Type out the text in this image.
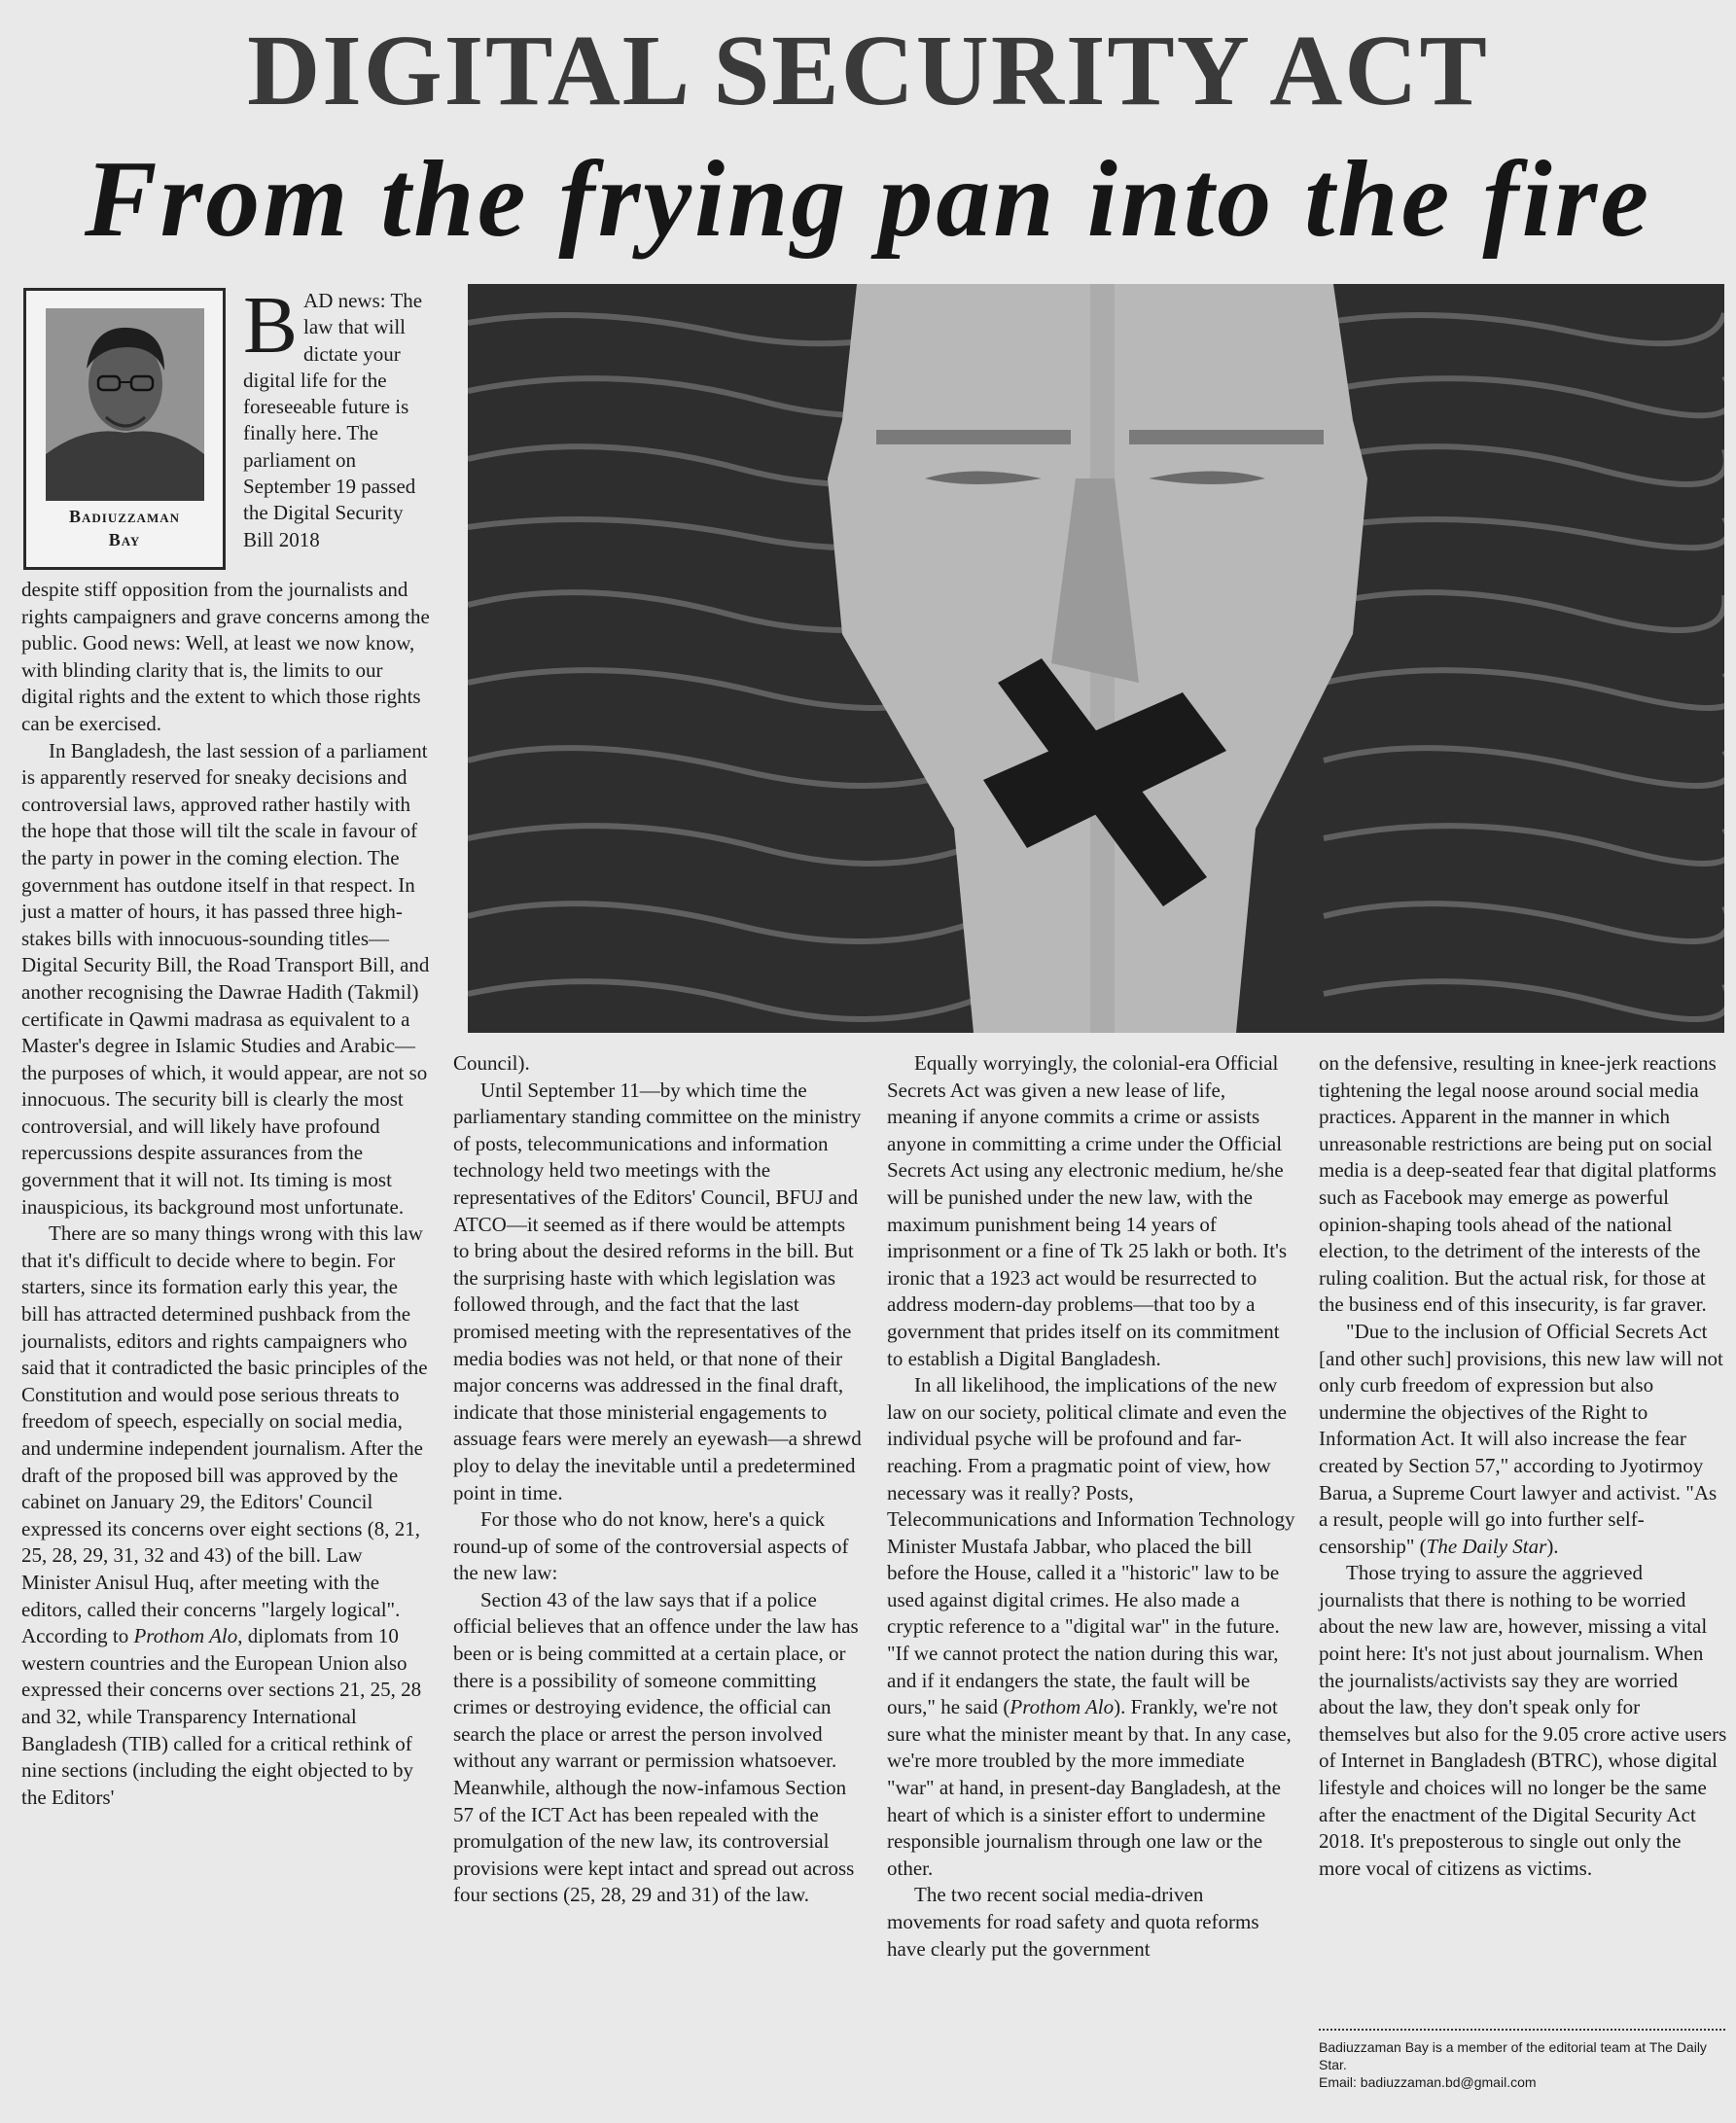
DIGITAL SECURITY ACT
From the frying pan into the fire
Badiuzzaman
Bay
BAD news: The law that will dictate your digital life for the foreseeable future is finally here. The parliament on September 19 passed the Digital Security Bill 2018

despite stiff opposition from the journalists and rights campaigners and grave concerns among the public. Good news: Well, at least we now know, with blinding clarity that is, the limits to our digital rights and the extent to which those rights can be exercised.

In Bangladesh, the last session of a parliament is apparently reserved for sneaky decisions and controversial laws, approved rather hastily with the hope that those will tilt the scale in favour of the party in power in the coming election. The government has outdone itself in that respect. In just a matter of hours, it has passed three high-stakes bills with innocuous-sounding titles—Digital Security Bill, the Road Transport Bill, and another recognising the Dawrae Hadith (Takmil) certificate in Qawmi madrasa as equivalent to a Master's degree in Islamic Studies and Arabic—the purposes of which, it would appear, are not so innocuous. The security bill is clearly the most controversial, and will likely have profound repercussions despite assurances from the government that it will not. Its timing is most inauspicious, its background most unfortunate.

There are so many things wrong with this law that it's difficult to decide where to begin. For starters, since its formation early this year, the bill has attracted determined pushback from the journalists, editors and rights campaigners who said that it contradicted the basic principles of the Constitution and would pose serious threats to freedom of speech, especially on social media, and undermine independent journalism. After the draft of the proposed bill was approved by the cabinet on January 29, the Editors' Council expressed its concerns over eight sections (8, 21, 25, 28, 29, 31, 32 and 43) of the bill. Law Minister Anisul Huq, after meeting with the editors, called their concerns "largely logical".

According to Prothom Alo, diplomats from 10 western countries and the European Union also expressed their concerns over sections 21, 25, 28 and 32, while Transparency International Bangladesh (TIB) called for a critical rethink of nine sections (including the eight objected to by the Editors'

Council).

Until September 11—by which time the parliamentary standing committee on the ministry of posts, telecommunications and information technology held two meetings with the representatives of the Editors' Council, BFUJ and ATCO—it seemed as if there would be attempts to bring about the desired reforms in the bill. But the surprising haste with which legislation was followed through, and the fact that the last promised meeting with the representatives of the media bodies was not held, or that none of their major concerns was addressed in the final draft, indicate that those ministerial engagements to assuage fears were merely an eyewash—a shrewd ploy to delay the inevitable until a predetermined point in time.

For those who do not know, here's a quick round-up of some of the controversial aspects of the new law:

Section 43 of the law says that if a police official believes that an offence under the law has been or is being committed at a certain place, or there is a possibility of someone committing crimes or destroying evidence, the official can search the place or arrest the person involved without any warrant or permission whatsoever. Meanwhile, although the now-infamous Section 57 of the ICT Act has been repealed with the promulgation of the new law, its controversial provisions were kept intact and spread out across four sections (25, 28, 29 and 31) of the law.

Equally worryingly, the colonial-era Official Secrets Act was given a new lease of life, meaning if anyone commits a crime or assists anyone in committing a crime under the Official Secrets Act using any electronic medium, he/she will be punished under the new law, with the maximum punishment being 14 years of imprisonment or a fine of Tk 25 lakh or both. It's ironic that a 1923 act would be resurrected to address modern-day problems—that too by a government that prides itself on its commitment to establish a Digital Bangladesh.

In all likelihood, the implications of the new law on our society, political climate and even the individual psyche will be profound and far-reaching. From a pragmatic point of view, how necessary was it really? Posts, Telecommunications and Information Technology Minister Mustafa Jabbar, who placed the bill before the House, called it a "historic" law to be used against digital crimes. He also made a cryptic reference to a "digital war" in the future. "If we cannot protect the nation during this war, and if it endangers the state, the fault will be ours," he said (Prothom Alo). Frankly, we're not sure what the minister meant by that. In any case, we're more troubled by the more immediate "war" at hand, in present-day Bangladesh, at the heart of which is a sinister effort to undermine responsible journalism through one law or the other.

The two recent social media-driven movements for road safety and quota reforms have clearly put the government

on the defensive, resulting in knee-jerk reactions tightening the legal noose around social media practices. Apparent in the manner in which unreasonable restrictions are being put on social media is a deep-seated fear that digital platforms such as Facebook may emerge as powerful opinion-shaping tools ahead of the national election, to the detriment of the interests of the ruling coalition. But the actual risk, for those at the business end of this insecurity, is far graver.

"Due to the inclusion of Official Secrets Act [and other such] provisions, this new law will not only curb freedom of expression but also undermine the objectives of the Right to Information Act. It will also increase the fear created by Section 57," according to Jyotirmoy Barua, a Supreme Court lawyer and activist. "As a result, people will go into further self-censorship" (The Daily Star).

Those trying to assure the aggrieved journalists that there is nothing to be worried about the new law are, however, missing a vital point here: It's not just about journalism. When the journalists/activists say they are worried about the law, they don't speak only for themselves but also for the 9.05 crore active users of Internet in Bangladesh (BTRC), whose digital lifestyle and choices will no longer be the same after the enactment of the Digital Security Act 2018. It's preposterous to single out only the more vocal of citizens as victims.

Badiuzzaman Bay is a member of the editorial team at The Daily Star.
Email: badiuzzaman.bd@gmail.com
